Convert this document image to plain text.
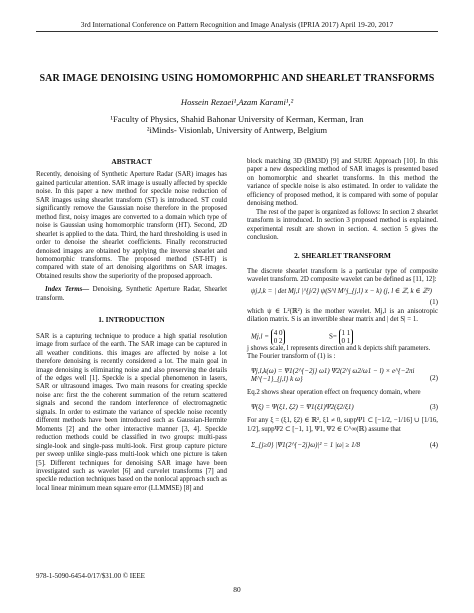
3rd International Conference on Pattern Recognition and Image Analysis (IPRIA 2017) April 19-20, 2017
SAR IMAGE DENOISING USING HOMOMORPHIC AND SHEARLET TRANSFORMS
Hossein Rezaei¹,Azam Karami¹,²
¹Faculty of Physics, Shahid Bahonar University of Kerman, Kerman, Iran
²iMinds- Visionlab, University of Antwerp, Belgium

ABSTRACT

Recently, denoising of Synthetic Aperture Radar (SAR) images has gained particular attention. SAR image is usually affected by speckle noise. In this paper a new method for speckle noise reduction of SAR images using shearlet transform (ST) is introduced. ST could significantly remove the Gaussian noise therefore in the proposed method first, noisy images are converted to a domain which type of noise is Gaussian using homomorphic transform (HT). Second, 2D shearlet is applied to the data. Third, the hard thresholding is used in order to denoise the shearlet coefficients. Finally reconstructed denoised images are obtained by applying the inverse shearlet and homomorphic transforms. The proposed method (ST-HT) is compared with state of art denoising algorithms on SAR images. Obtained results show the superiority of the proposed approach.

Index Terms— Denoising, Synthetic Aperture Radar, Shearlet transform.

1. INTRODUCTION

SAR is a capturing technique to produce a high spatial resolution image from surface of the earth. The SAR image can be captured in all weather conditions. this images are affected by noise a lot therefore denoising is recently considered a lot. The main goal in image denoising is eliminating noise and also preserving the details of the edges well [1]. Speckle is a special phenomenon in lasers, SAR or ultrasound images. Two main reasons for creating speckle noise are: first the the coherent summation of the return scattered signals and second the random interference of electromagnetic signals. In order to estimate the variance of speckle noise recently different methods have been introduced such as Gaussian-Hermite Moments [2] and the other interactive manner [3, 4]. Speckle reduction methods could be classified in two groups: multi-pass single-look and single-pass multi-look. First group capture picture per sweep unlike single-pass multi-look which one picture is taken [5]. Different techniques for denoising SAR image have been investigated such as wavelet [6] and curvelet transforms [7] and speckle reduction techniques based on the nonlocal approach such as local linear minimum mean square error (LLMMSE) [8] and

block matching 3D (BM3D) [9] and SURE Approach [10]. In this paper a new despeckling method of SAR images is presented based on homomorphic and shearlet transforms. In this method the variance of speckle noise is also estimated. In order to validate the efficiency of proposed method, it is compared with some of popular denoising method.

The rest of the paper is organized as follows: In section 2 shearlet transform is introduced. In section 3 proposed method is explained. experimental result are shown in section. 4. section 5 gives the conclusion.

2. SHEARLET TRANSFORM

The discrete shearlet transform is a particular type of composite wavelet transform. 2D composite wavelet can be defined as [11, 12]:

ψj,l,k = | det Mj,l |^{j/2} ψ(S^l M^j_{j,l} x − k) (j, l ∈ ℤ, k ∈ ℤ²)
(1)

which ψ ∈ L²(ℝ²) is the mother wavelet. Mj,l is an anisotropic dilation matrix. S is an invertible shear matrix and | det S| = 1.

Mj,l = 4 0
0 2  S= 1 1
0 1

j shows scale, l represents direction and k depicts shift parameters.

The Fourier transform of (1) is :

Ψj,l,k(ω) = Ψ1(2^{−2j} ω1) Ψ2(2^j ω2/ω1 − l) × e^{−2πi M^{−1}_{j,l} k ω}	(2)

Eq.2 shows shear operation effect on frequency domain, where

Ψ(ξ) = Ψ(ξ1, ξ2) = Ψ1(ξ1)Ψ2(ξ2/ξ1)	(3)

For any ξ = (ξ1, ξ2) ∈ ℝ², ξ1 ≠ 0, suppΨ1 ⊂ [−1/2, −1/16] ∪ [1/16, 1/2], suppΨ2 ⊂ [−1, 1], Ψ1, Ψ2 ∈ C^∞(ℝ) assume that

Σ_{j≥0} |Ψ1(2^{−2j}ω)|² = 1 |ω| ≥ 1/8	(4)
978-1-5090-6454-0/17/$31.00 © IEEE
80
